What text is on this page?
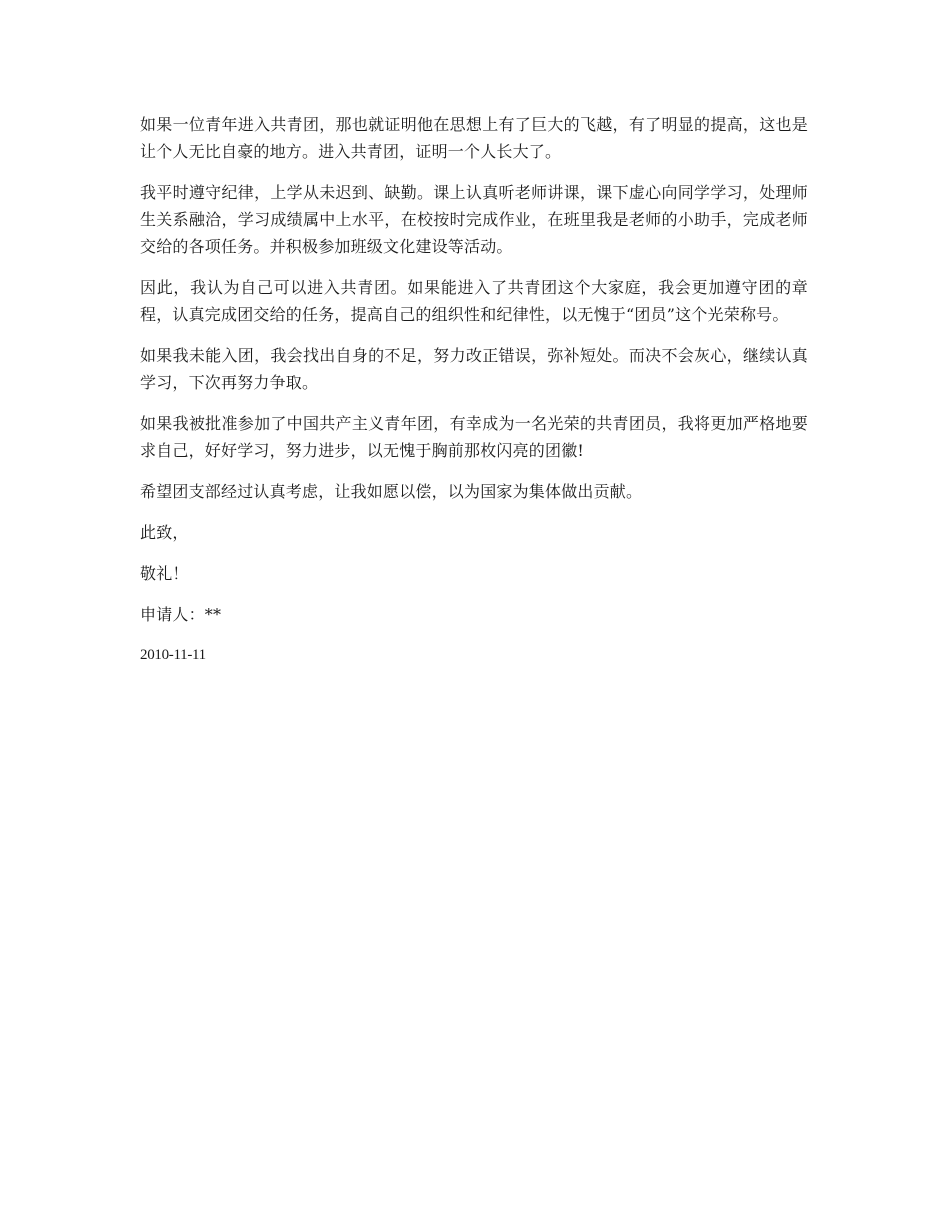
如果一位青年进入共青团，那也就证明他在思想上有了巨大的飞越，有了明显的提高，这也是让个人无比自豪的地方。进入共青团，证明一个人长大了。

我平时遵守纪律，上学从未迟到、缺勤。课上认真听老师讲课，课下虚心向同学学习，处理师生关系融洽，学习成绩属中上水平，在校按时完成作业，在班里我是老师的小助手，完成老师交给的各项任务。并积极参加班级文化建设等活动。

因此，我认为自己可以进入共青团。如果能进入了共青团这个大家庭，我会更加遵守团的章程，认真完成团交给的任务，提高自己的组织性和纪律性，以无愧于“团员”这个光荣称号。

如果我未能入团，我会找出自身的不足，努力改正错误，弥补短处。而决不会灰心，继续认真学习，下次再努力争取。

如果我被批准参加了中国共产主义青年团，有幸成为一名光荣的共青团员，我将更加严格地要求自己，好好学习，努力进步，以无愧于胸前那枚闪亮的团徽!

希望团支部经过认真考虑，让我如愿以偿，以为国家为集体做出贡献。

此致，

敬礼！

申请人：**

2010-11-11
